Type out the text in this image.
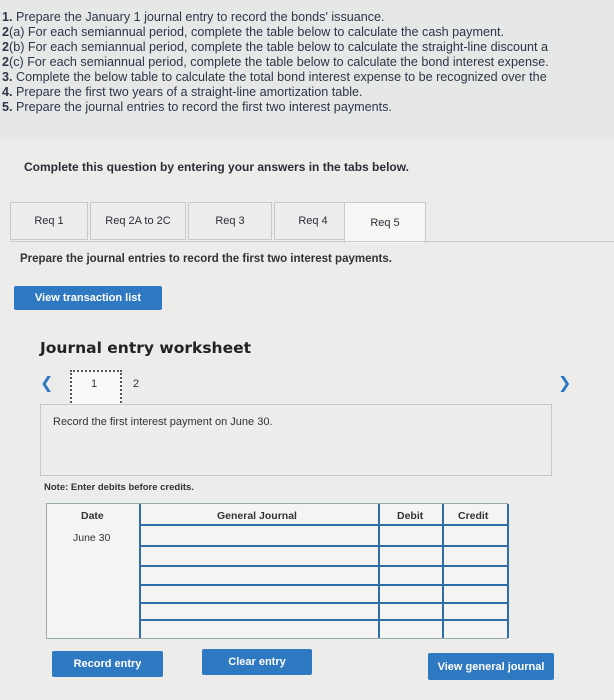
1. Prepare the January 1 journal entry to record the bonds' issuance.
2(a) For each semiannual period, complete the table below to calculate the cash payment.
2(b) For each semiannual period, complete the table below to calculate the straight-line discount a
2(c) For each semiannual period, complete the table below to calculate the bond interest expense.
3. Complete the below table to calculate the total bond interest expense to be recognized over the
4. Prepare the first two years of a straight-line amortization table.
5. Prepare the journal entries to record the first two interest payments.
Complete this question by entering your answers in the tabs below.
Req 1	Req 2A to 2C	Req 3	Req 4	Req 5
Prepare the journal entries to record the first two interest payments.
View transaction list
Journal entry worksheet
❮	❯
1	2
Record the first interest payment on June 30.
Note: Enter debits before credits.
Date	General Journal	Debit	Credit
June 30
Record entry	Clear entry	View general journal
